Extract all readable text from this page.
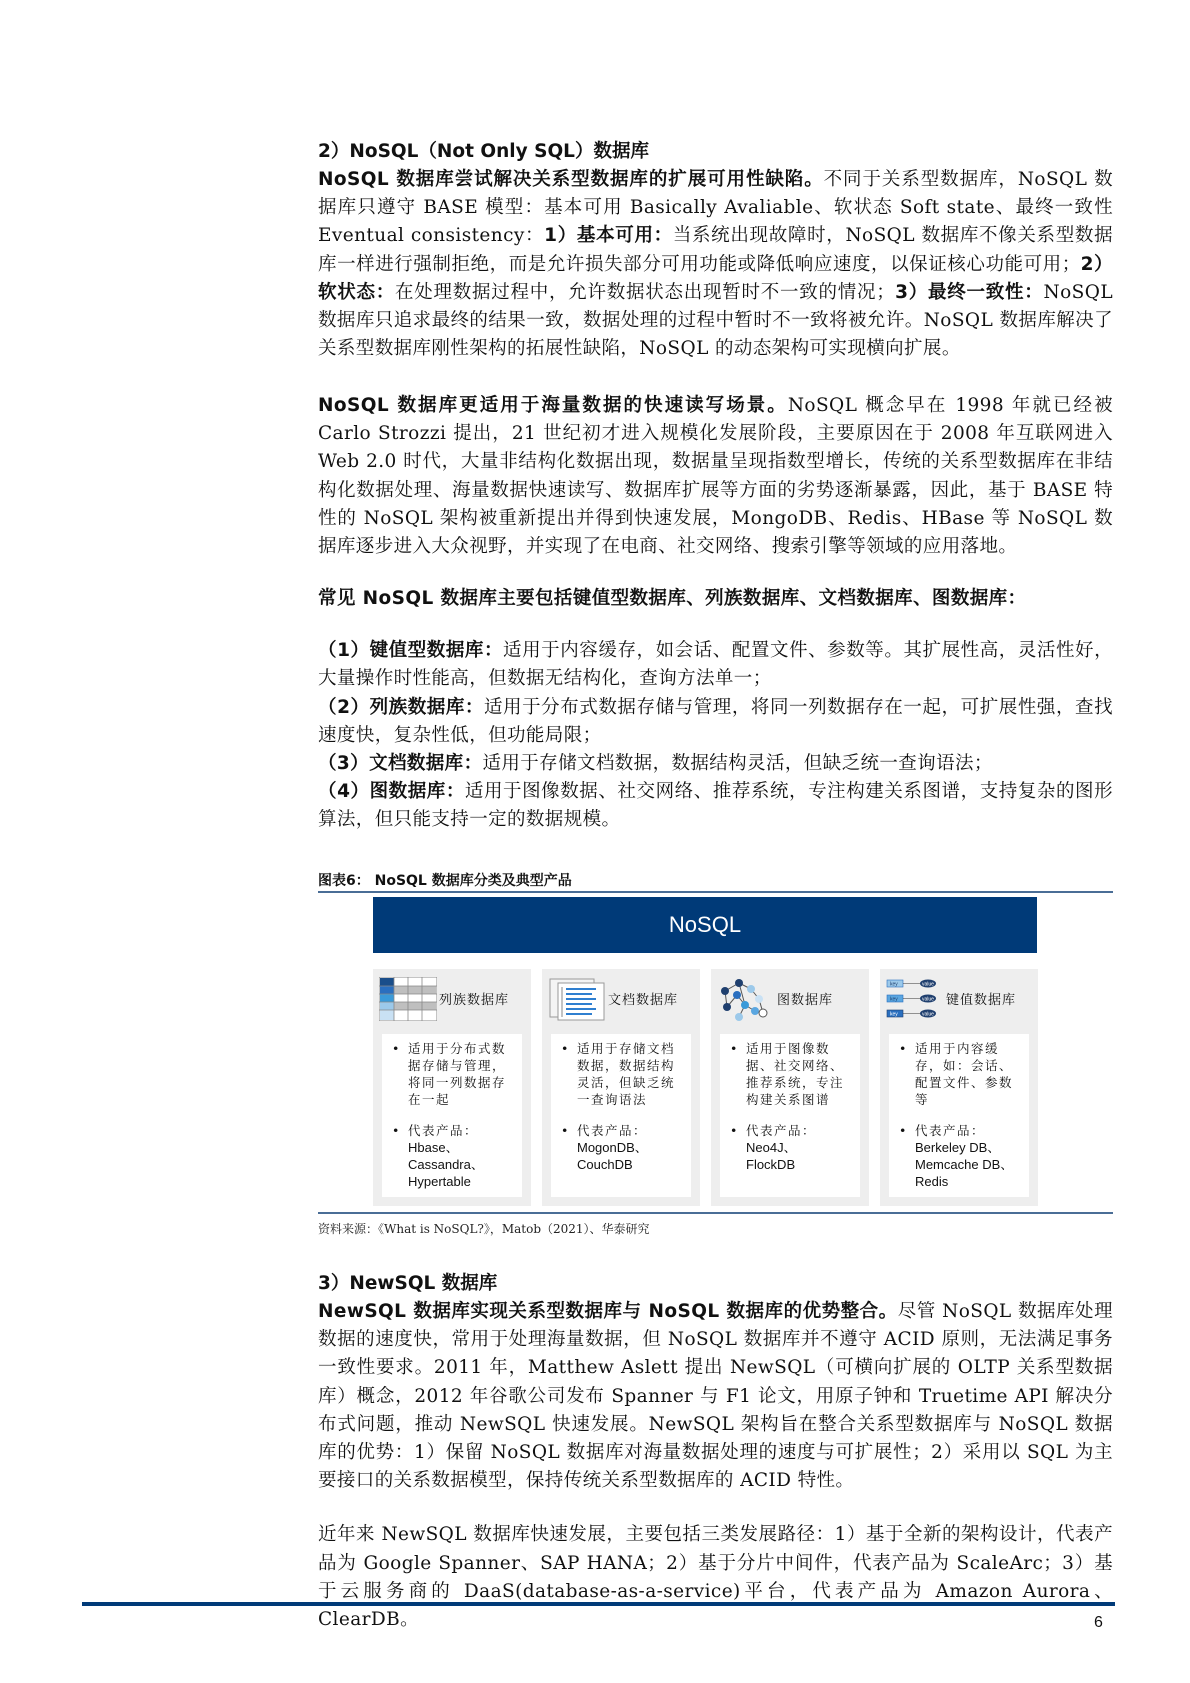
2）NoSQL（Not Only SQL）数据库

NoSQL 数据库尝试解决关系型数据库的扩展可用性缺陷。不同于关系型数据库，NoSQL 数据库只遵守 BASE 模型：基本可用 Basically Avaliable、软状态 Soft state、最终一致性 Eventual consistency：1）基本可用：当系统出现故障时，NoSQL 数据库不像关系型数据库一样进行强制拒绝，而是允许损失部分可用功能或降低响应速度，以保证核心功能可用；2）软状态：在处理数据过程中，允许数据状态出现暂时不一致的情况；3）最终一致性：NoSQL 数据库只追求最终的结果一致，数据处理的过程中暂时不一致将被允许。NoSQL 数据库解决了关系型数据库刚性架构的拓展性缺陷，NoSQL 的动态架构可实现横向扩展。

NoSQL 数据库更适用于海量数据的快速读写场景。NoSQL 概念早在 1998 年就已经被 Carlo Strozzi 提出，21 世纪初才进入规模化发展阶段，主要原因在于 2008 年互联网进入 Web 2.0 时代，大量非结构化数据出现，数据量呈现指数型增长，传统的关系型数据库在非结构化数据处理、海量数据快速读写、数据库扩展等方面的劣势逐渐暴露，因此，基于 BASE 特性的 NoSQL 架构被重新提出并得到快速发展，MongoDB、Redis、HBase 等 NoSQL 数据库逐步进入大众视野，并实现了在电商、社交网络、搜索引擎等领域的应用落地。

常见 NoSQL 数据库主要包括键值型数据库、列族数据库、文档数据库、图数据库：

（1）键值型数据库：适用于内容缓存，如会话、配置文件、参数等。其扩展性高，灵活性好，大量操作时性能高，但数据无结构化，查询方法单一；

（2）列族数据库：适用于分布式数据存储与管理，将同一列数据存在一起，可扩展性强，查找速度快，复杂性低，但功能局限；

（3）文档数据库：适用于存储文档数据，数据结构灵活，但缺乏统一查询语法；

（4）图数据库：适用于图像数据、社交网络、推荐系统，专注构建关系图谱，支持复杂的图形算法，但只能支持一定的数据规模。

图表6： NoSQL 数据库分类及典型产品
NoSQL
列族数据库
• 适用于分布式数据存储与管理，将同一列数据存在一起
• 代表产品：
Hbase、
Cassandra、
Hypertable
文档数据库
• 适用于存储文档数据，数据结构灵活，但缺乏统一查询语法
• 代表产品：
MogonDB、
CouchDB
图数据库
• 适用于图像数据、社交网络、推荐系统，专注构建关系图谱
• 代表产品：
Neo4J、
FlockDB
key	value
key	value
key	value
键值数据库
• 适用于内容缓存，如：会话、配置文件、参数等
• 代表产品：
Berkeley DB、
Memcache DB、
Redis
资料来源：《What is NoSQL?》，Matob（2021）、华泰研究

3）NewSQL 数据库

NewSQL 数据库实现关系型数据库与 NoSQL 数据库的优势整合。尽管 NoSQL 数据库处理数据的速度快，常用于处理海量数据，但 NoSQL 数据库并不遵守 ACID 原则，无法满足事务一致性要求。2011 年，Matthew Aslett 提出 NewSQL（可横向扩展的 OLTP 关系型数据库）概念，2012 年谷歌公司发布 Spanner 与 F1 论文，用原子钟和 Truetime API 解决分布式问题，推动 NewSQL 快速发展。NewSQL 架构旨在整合关系型数据库与 NoSQL 数据库的优势：1）保留 NoSQL 数据库对海量数据处理的速度与可扩展性；2）采用以 SQL 为主要接口的关系数据模型，保持传统关系型数据库的 ACID 特性。

近年来 NewSQL 数据库快速发展，主要包括三类发展路径：1）基于全新的架构设计，代表产品为 Google Spanner、SAP HANA；2）基于分片中间件，代表产品为 ScaleArc；3）基于云服务商的 DaaS(database-as-a-service)平台，代表产品为 Amazon Aurora、ClearDB。	6
